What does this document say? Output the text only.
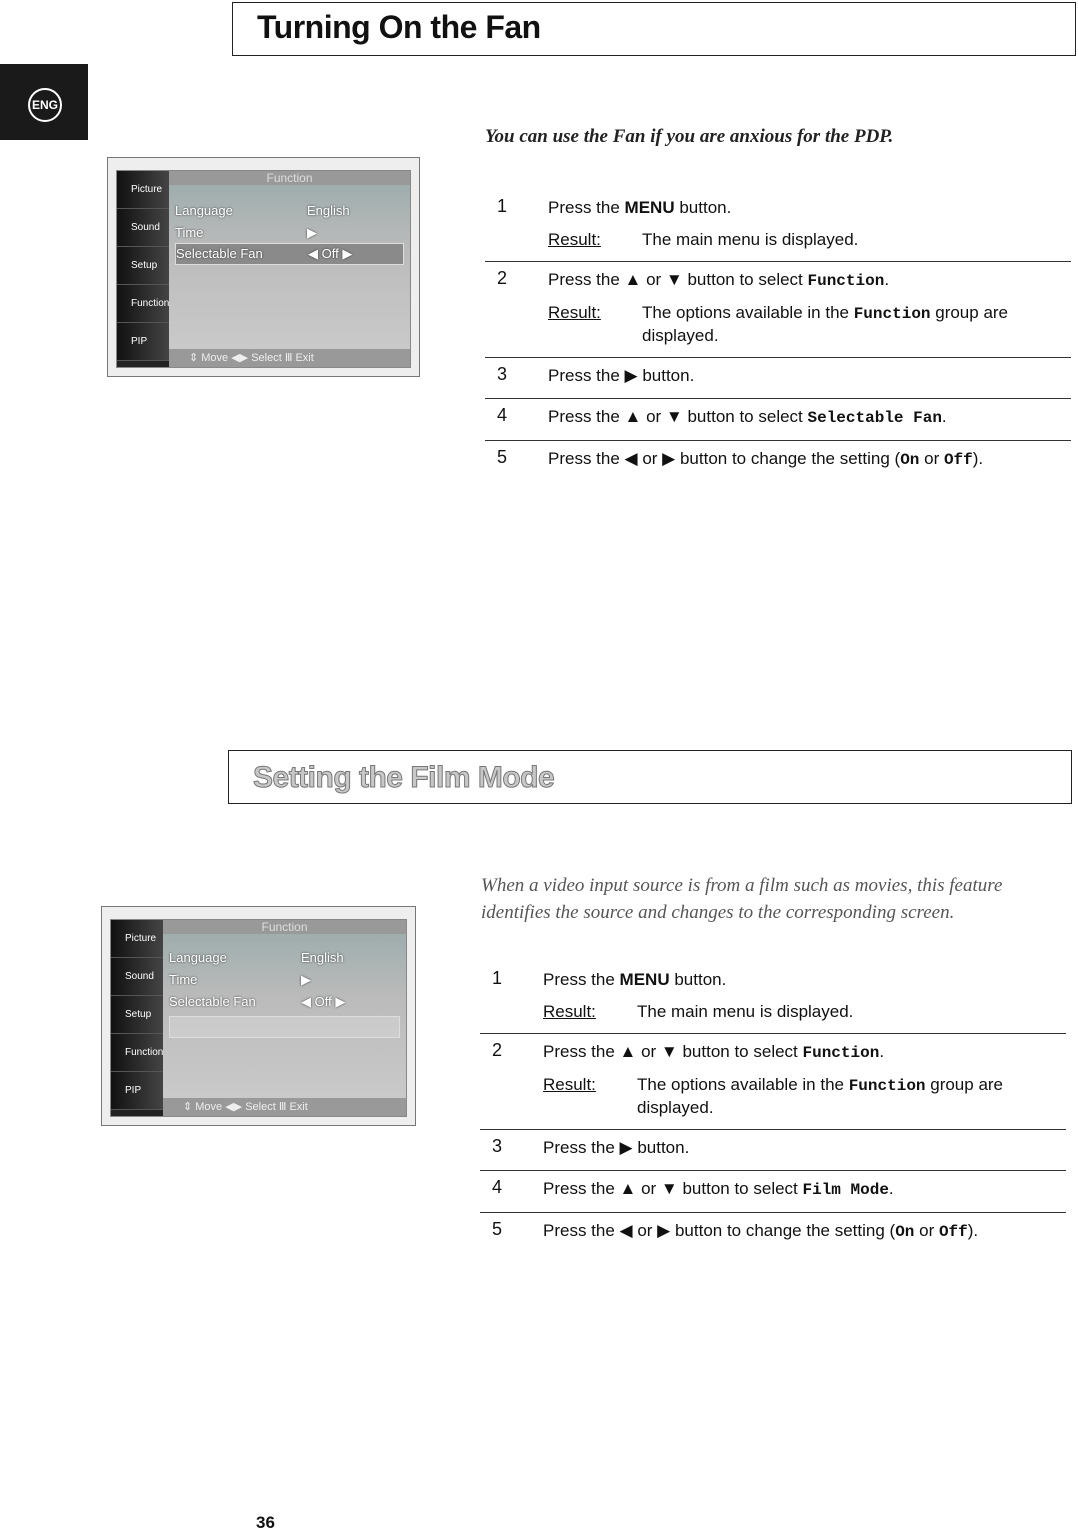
ENG
Turning On the Fan
You can use the Fan if you are anxious for the PDP.
Function
Picture
Sound
Setup
Function
PIP
Language	English
Time	▶
Selectable Fan	◀ Off ▶
⇕ Move ◀▶ Select Ⅲ Exit
1 Press the MENU button.
Result:	The main menu is displayed.
2 Press the ▲ or ▼ button to select Function.
Result:	The options available in the Function group are displayed.
3 Press the ▶ button.
4 Press the ▲ or ▼ button to select Selectable Fan.
5 Press the ◀ or ▶ button to change the setting (On or Off).
Setting the Film Mode
When a video input source is from a film such as movies, this feature identifies the source and changes to the corresponding screen.
Function
Picture
Sound
Setup
Function
PIP
Language	English
Time	▶
Selectable Fan	◀ Off ▶
⇕ Move ◀▶ Select Ⅲ Exit
1 Press the MENU button.
Result:	The main menu is displayed.
2 Press the ▲ or ▼ button to select Function.
Result:	The options available in the Function group are displayed.
3 Press the ▶ button.
4 Press the ▲ or ▼ button to select Film Mode.
5 Press the ◀ or ▶ button to change the setting (On or Off).
36
